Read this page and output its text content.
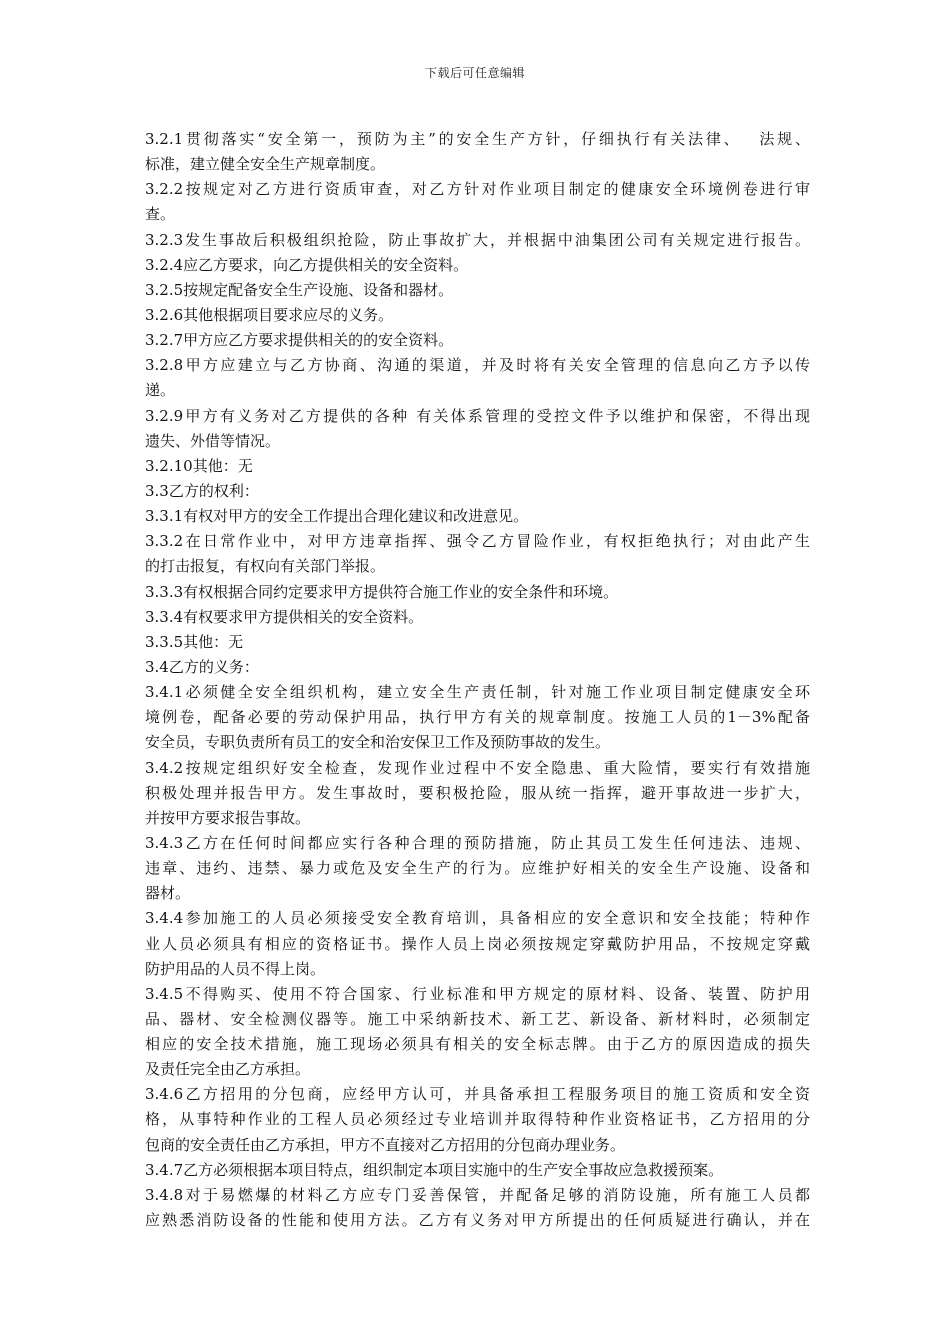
下载后可任意编辑
3.2.1贯彻落实“安全第一，预防为主”的安全生产方针，仔细执行有关法律、　 法规、
标准，建立健全安全生产规章制度。
3.2.2按规定对乙方进行资质审查，对乙方针对作业项目制定的健康安全环境例卷进行审
查。
3.2.3发生事故后积极组织抢险，防止事故扩大，并根据中油集团公司有关规定进行报告。
3.2.4应乙方要求，向乙方提供相关的安全资料。
3.2.5按规定配备安全生产设施、设备和器材。
3.2.6其他根据项目要求应尽的义务。
3.2.7甲方应乙方要求提供相关的的安全资料。
3.2.8甲方应建立与乙方协商、沟通的渠道，并及时将有关安全管理的信息向乙方予以传
递。
3.2.9甲方有义务对乙方提供的各种 有关体系管理的受控文件予以维护和保密，不得出现
遗失、外借等情况。
3.2.10其他：无
3.3乙方的权利：
3.3.1有权对甲方的安全工作提出合理化建议和改进意见。
3.3.2在日常作业中，对甲方违章指挥、强令乙方冒险作业，有权拒绝执行；对由此产生
的打击报复，有权向有关部门举报。
3.3.3有权根据合同约定要求甲方提供符合施工作业的安全条件和环境。
3.3.4有权要求甲方提供相关的安全资料。
3.3.5其他：无
3.4乙方的义务：
3.4.1必须健全安全组织机构，建立安全生产责任制，针对施工作业项目制定健康安全环
境例卷，配备必要的劳动保护用品，执行甲方有关的规章制度。按施工人员的1－3%配备
安全员，专职负责所有员工的安全和治安保卫工作及预防事故的发生。
3.4.2按规定组织好安全检查，发现作业过程中不安全隐患、重大险情，要实行有效措施
积极处理并报告甲方。发生事故时，要积极抢险，服从统一指挥，避开事故进一步扩大，
并按甲方要求报告事故。
3.4.3乙方在任何时间都应实行各种合理的预防措施，防止其员工发生任何违法、违规、
违章、违约、违禁、暴力或危及安全生产的行为。应维护好相关的安全生产设施、设备和
器材。
3.4.4参加施工的人员必须接受安全教育培训，具备相应的安全意识和安全技能；特种作
业人员必须具有相应的资格证书。操作人员上岗必须按规定穿戴防护用品，不按规定穿戴
防护用品的人员不得上岗。
3.4.5不得购买、使用不符合国家、行业标准和甲方规定的原材料、设备、装置、防护用
品、器材、安全检测仪器等。施工中采纳新技术、新工艺、新设备、新材料时，必须制定
相应的安全技术措施，施工现场必须具有相关的安全标志牌。由于乙方的原因造成的损失
及责任完全由乙方承担。
3.4.6乙方招用的分包商，应经甲方认可，并具备承担工程服务项目的施工资质和安全资
格，从事特种作业的工程人员必须经过专业培训并取得特种作业资格证书，乙方招用的分
包商的安全责任由乙方承担，甲方不直接对乙方招用的分包商办理业务。
3.4.7乙方必须根据本项目特点，组织制定本项目实施中的生产安全事故应急救援预案。
3.4.8对于易燃爆的材料乙方应专门妥善保管，并配备足够的消防设施，所有施工人员都
应熟悉消防设备的性能和使用方法。乙方有义务对甲方所提出的任何质疑进行确认，并在
